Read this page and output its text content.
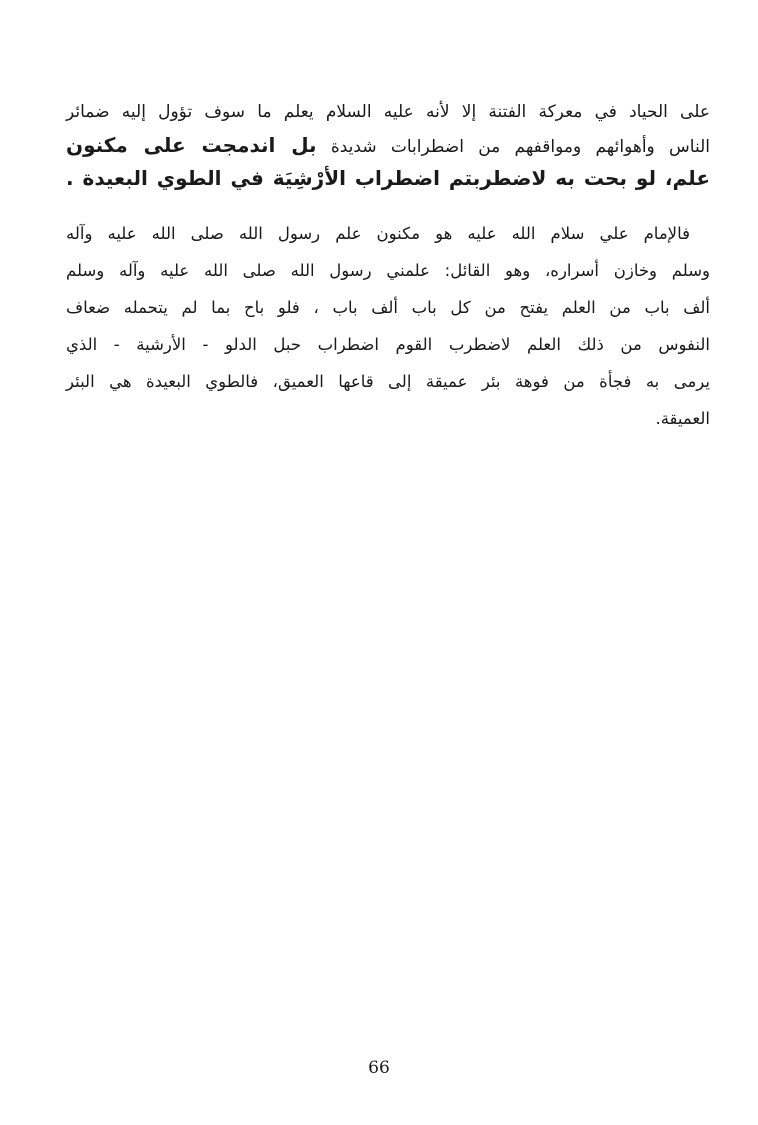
على الحياد في معركة الفتنة إلا لأنه عليه السلام يعلم ما سوف تؤول إليه ضمائر
الناس وأهوائهم ومواقفهم من اضطرابات شديدة بل اندمجت على مكنون
علم، لو بحت به لاضطربتم اضطراب الأرْشِيَة في الطوي البعيدة .
فالإمام علي سلام الله عليه هو مكنون علم رسول الله صلى الله عليه وآله
وسلم وخازن أسراره، وهو القائل: علمني رسول الله صلى الله عليه وآله وسلم
ألف باب من العلم يفتح من كل باب ألف باب ، فلو باح بما لم يتحمله ضعاف
النفوس من ذلك العلم لاضطرب القوم اضطراب حبل الدلو - الأرشية - الذي
يرمى به فجأة من فوهة بئر عميقة إلى قاعها العميق، فالطوي البعيدة هي البئر
العميقة.
66
